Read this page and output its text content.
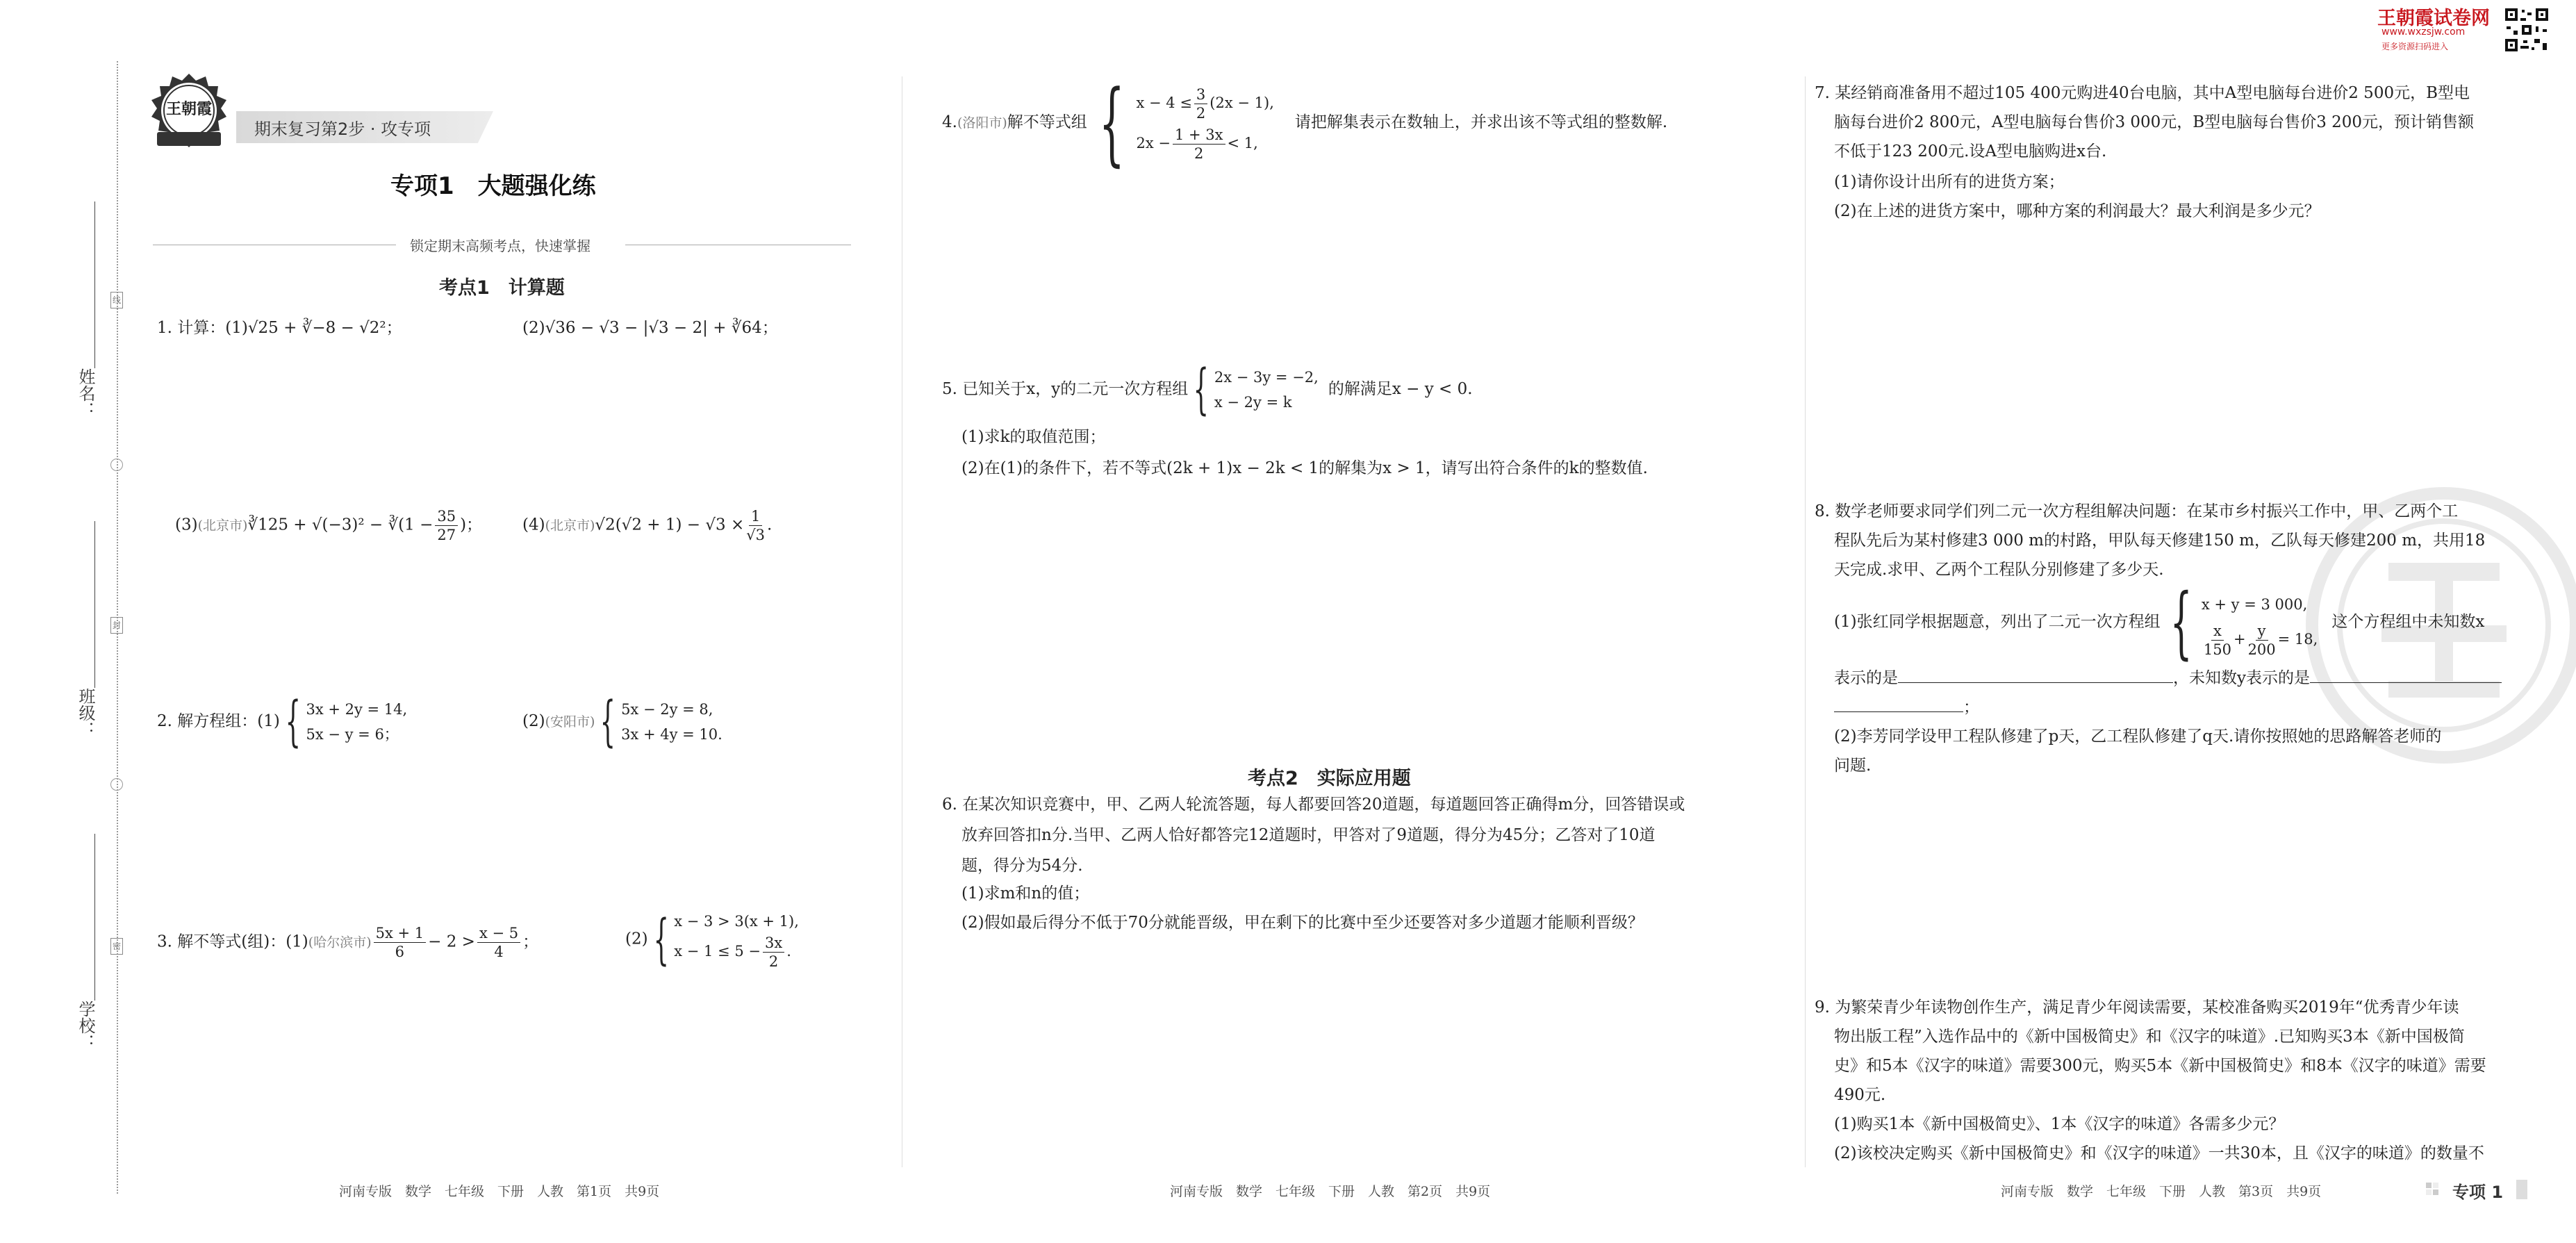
线
封
密
姓名：
班级：
学校：
王朝霞
期末复习第2步 · 攻专项
专项1　大题强化练
锁定期末高频考点，快速掌握
考点1　计算题
王朝霞试卷网
www.wxzsjw.com
更多资源扫码进入
1. 计算：(1)√25 + ∛−8 − √2²；	(2)√36 − √3 − |√3 − 2| + ∛64；
(3)(北京市)∛125 + √(−3)² − ∛(1 − $\frac{35}{27}$ )；	(4)(北京市)$√2(√2 + 1) - √3 \times \frac{1}{√3}$ .
2. 解方程组：(1) { 3x + 2y = 14,
5x − y = 6；
(2)(安阳市) { 5x − 2y = 8,
3x + 4y = 10.
3. 解不等式(组)：(1)(哈尔滨市) $\frac{5x + 1}{6} - 2 > \frac{x - 5}{4}$ ；	(2) { x − 3 > 3(x + 1),
$x - 1 \le 5 - \frac{3x}{2}$ .
河南专版　数学　七年级　下册　人教　第1页　共9页
4.(洛阳市)解不等式组 { $x - 4 \le \frac{3}{2} (2x - 1)$,
$2x - \frac{1 + 3x}{2} < 1$,
请把解集表示在数轴上，并求出该不等式组的整数解.
5. 已知关于x，y的二元一次方程组 { 2x − 3y = −2,
x − 2y = k
的解满足x − y < 0.
(1)求k的取值范围；
(2)在(1)的条件下，若不等式(2k + 1)x − 2k < 1的解集为x > 1，请写出符合条件的k的整数值.
考点2　实际应用题
6. 在某次知识竞赛中，甲、乙两人轮流答题，每人都要回答20道题，每道题回答正确得m分，回答错误或
放弃回答扣n分.当甲、乙两人恰好都答完12道题时，甲答对了9道题，得分为45分；乙答对了10道
题，得分为54分.
(1)求m和n的值；
(2)假如最后得分不低于70分就能晋级，甲在剩下的比赛中至少还要答对多少道题才能顺利晋级？
河南专版　数学　七年级　下册　人教　第2页　共9页
7. 某经销商准备用不超过105 400元购进40台电脑，其中A型电脑每台进价2 500元，B型电
脑每台进价2 800元，A型电脑每台售价3 000元，B型电脑每台售价3 200元，预计销售额
不低于123 200元.设A型电脑购进x台.
(1)请你设计出所有的进货方案；
(2)在上述的进货方案中，哪种方案的利润最大？最大利润是多少元？
8. 数学老师要求同学们列二元一次方程组解决问题：在某市乡村振兴工作中，甲、乙两个工
程队先后为某村修建3 000 m的村路，甲队每天修建150 m，乙队每天修建200 m，共用18
天完成.求甲、乙两个工程队分别修建了多少天.
(1)张红同学根据题意，列出了二元一次方程组 { x + y = 3 000,
$\frac{x}{150} + \frac{y}{200} = 18$,
这个方程组中未知数x
表示的是	，未知数y表示的是
；
(2)李芳同学设甲工程队修建了p天，乙工程队修建了q天.请你按照她的思路解答老师的
问题.
9. 为繁荣青少年读物创作生产，满足青少年阅读需要，某校准备购买2019年“优秀青少年读
物出版工程”入选作品中的《新中国极简史》和《汉字的味道》.已知购买3本《新中国极简
史》和5本《汉字的味道》需要300元，购买5本《新中国极简史》和8本《汉字的味道》需要
490元.
(1)购买1本《新中国极简史》、1本《汉字的味道》各需多少元？
(2)该校决定购买《新中国极简史》和《汉字的味道》一共30本，且《汉字的味道》的数量不
河南专版　数学　七年级　下册　人教　第3页　共9页	专项 1
